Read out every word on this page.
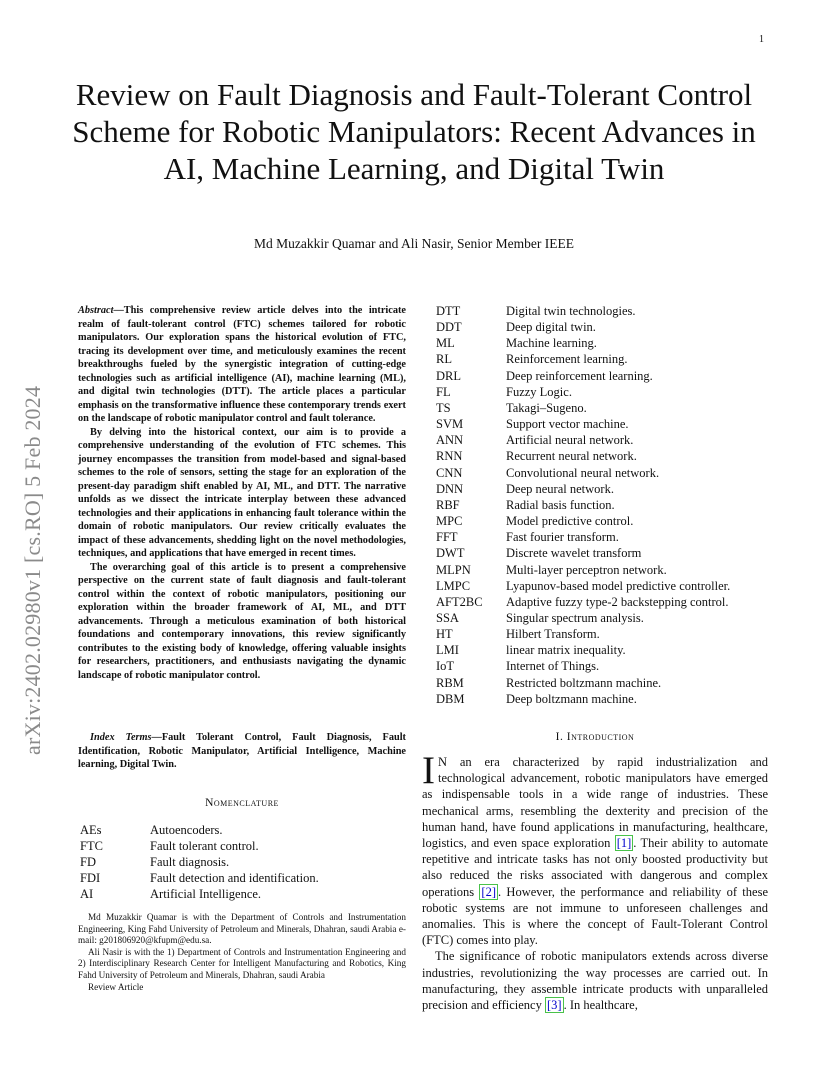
1
Review on Fault Diagnosis and Fault-Tolerant Control Scheme for Robotic Manipulators: Recent Advances in AI, Machine Learning, and Digital Twin
Md Muzakkir Quamar and Ali Nasir, Senior Member IEEE
arXiv:2402.02980v1 [cs.RO] 5 Feb 2024

Abstract—This comprehensive review article delves into the intricate realm of fault-tolerant control (FTC) schemes tailored for robotic manipulators. Our exploration spans the historical evolution of FTC, tracing its development over time, and meticulously examines the recent breakthroughs fueled by the synergistic integration of cutting-edge technologies such as artificial intelligence (AI), machine learning (ML), and digital twin technologies (DTT). The article places a particular emphasis on the transformative influence these contemporary trends exert on the landscape of robotic manipulator control and fault tolerance.

By delving into the historical context, our aim is to provide a comprehensive understanding of the evolution of FTC schemes. This journey encompasses the transition from model-based and signal-based schemes to the role of sensors, setting the stage for an exploration of the present-day paradigm shift enabled by AI, ML, and DTT. The narrative unfolds as we dissect the intricate interplay between these advanced technologies and their applications in enhancing fault tolerance within the domain of robotic manipulators. Our review critically evaluates the impact of these advancements, shedding light on the novel methodologies, techniques, and applications that have emerged in recent times.

The overarching goal of this article is to present a comprehensive perspective on the current state of fault diagnosis and fault-tolerant control within the context of robotic manipulators, positioning our exploration within the broader framework of AI, ML, and DTT advancements. Through a meticulous examination of both historical foundations and contemporary innovations, this review significantly contributes to the existing body of knowledge, offering valuable insights for researchers, practitioners, and enthusiasts navigating the dynamic landscape of robotic manipulator control.

Index Terms—Fault Tolerant Control, Fault Diagnosis, Fault Identification, Robotic Manipulator, Artificial Intelligence, Machine learning, Digital Twin.
Nomenclature
AEs	Autoencoders.
FTC	Fault tolerant control.
FD	Fault diagnosis.
FDI	Fault detection and identification.
AI	Artificial Intelligence.

Md Muzakkir Quamar is with the Department of Controls and Instrumentation Engineering, King Fahd University of Petroleum and Minerals, Dhahran, saudi Arabia e-mail: g201806920@kfupm@edu.sa.

Ali Nasir is with the 1) Department of Controls and Instrumentation Engineering and 2) Interdisciplinary Research Center for Intelligent Manufacturing and Robotics, King Fahd University of Petroleum and Minerals, Dhahran, saudi Arabia

Review Article

DTT	Digital twin technologies.
DDT	Deep digital twin.
ML	Machine learning.
RL	Reinforcement learning.
DRL	Deep reinforcement learning.
FL	Fuzzy Logic.
TS	Takagi–Sugeno.
SVM	Support vector machine.
ANN	Artificial neural network.
RNN	Recurrent neural network.
CNN	Convolutional neural network.
DNN	Deep neural network.
RBF	Radial basis function.
MPC	Model predictive control.
FFT	Fast fourier transform.
DWT	Discrete wavelet transform
MLPN	Multi-layer perceptron network.
LMPC	Lyapunov-based model predictive controller.
AFT2BC	Adaptive fuzzy type-2 backstepping control.
SSA	Singular spectrum analysis.
HT	Hilbert Transform.
LMI	linear matrix inequality.
IoT	Internet of Things.
RBM	Restricted boltzmann machine.
DBM	Deep boltzmann machine.
I. Introduction

I N an era characterized by rapid industrialization and technological advancement, robotic manipulators have emerged as indispensable tools in a wide range of industries. These mechanical arms, resembling the dexterity and precision of the human hand, have found applications in manufacturing, healthcare, logistics, and even space exploration [1] . Their ability to automate repetitive and intricate tasks has not only boosted productivity but also reduced the risks associated with dangerous and complex operations [2] . However, the performance and reliability of these robotic systems are not immune to unforeseen challenges and anomalies. This is where the concept of Fault-Tolerant Control (FTC) comes into play.

The significance of robotic manipulators extends across diverse industries, revolutionizing the way processes are carried out. In manufacturing, they assemble intricate products with unparalleled precision and efficiency [3] . In healthcare,
